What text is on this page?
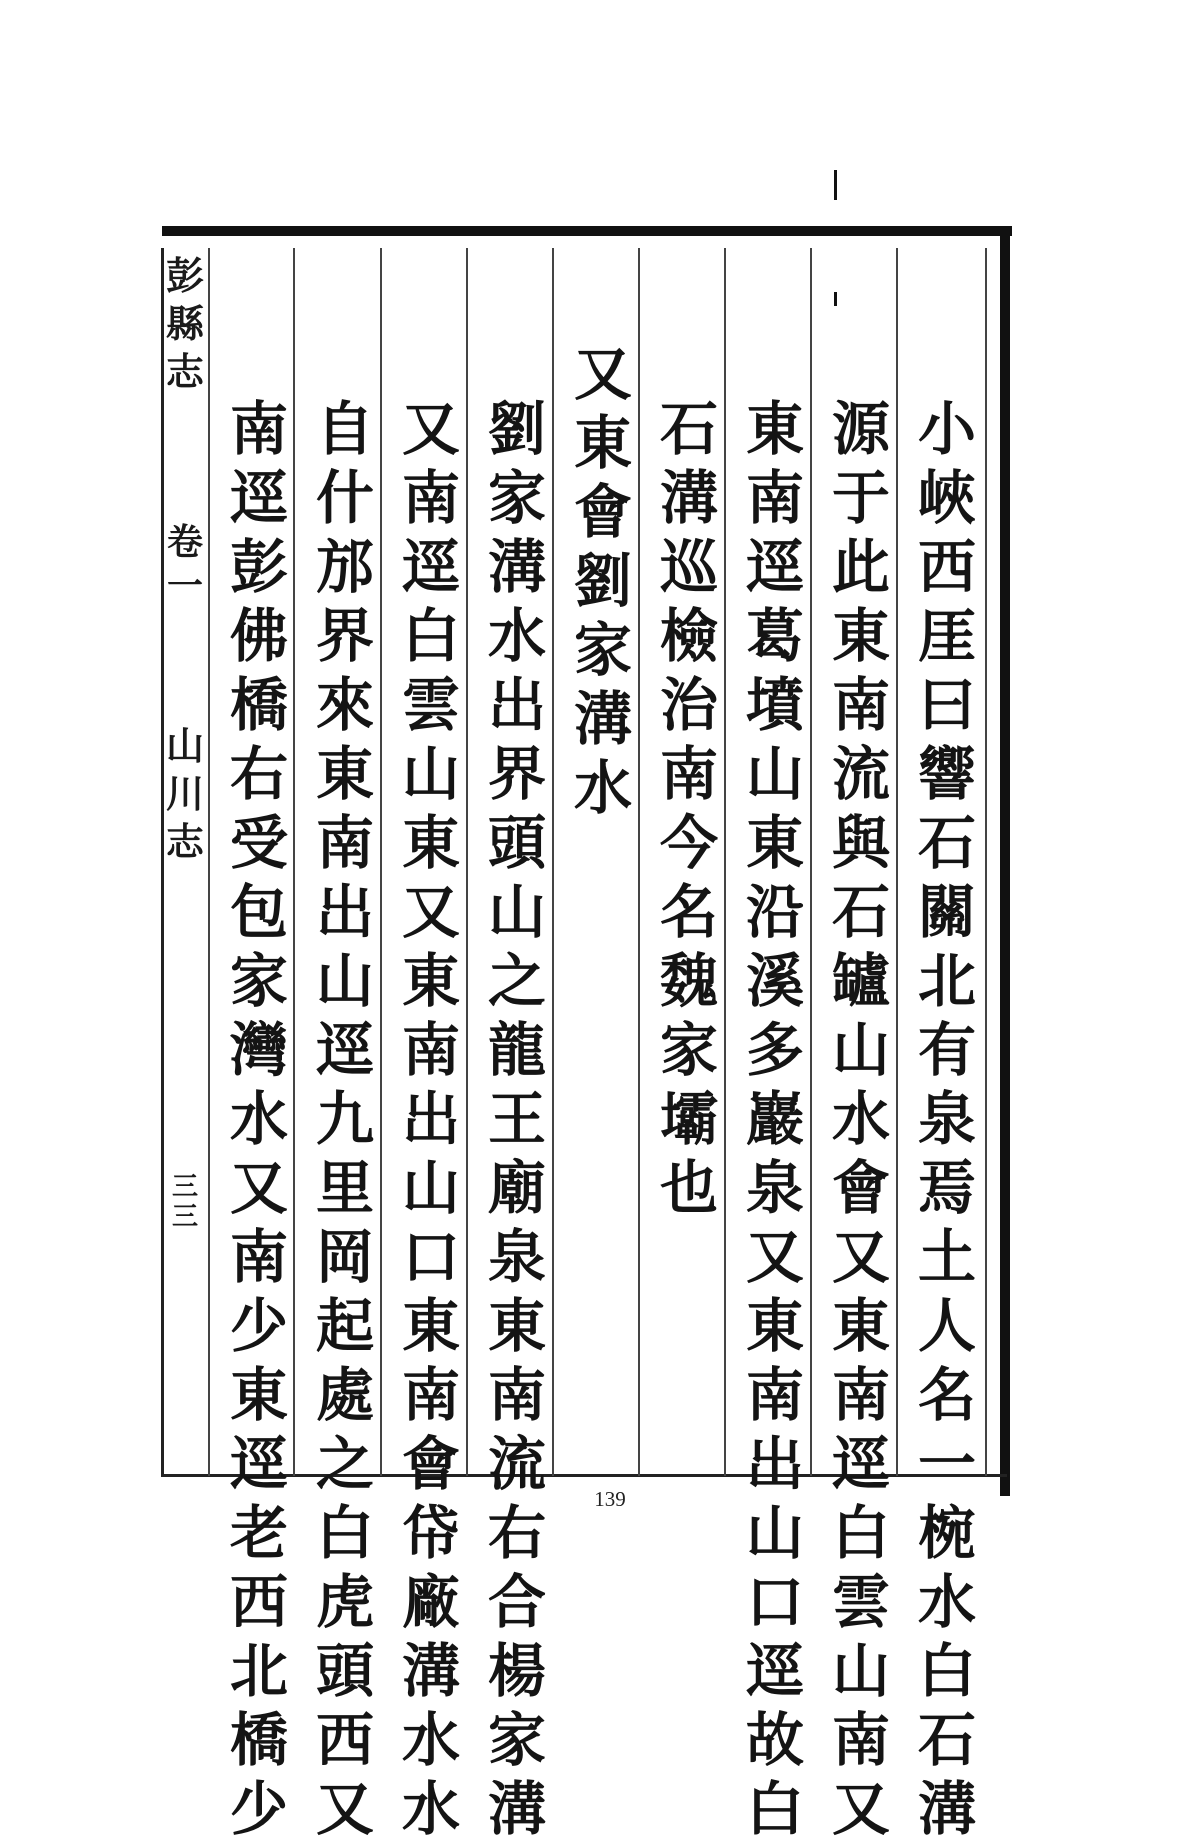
小峽西厓曰響石關北有泉焉土人名一椀水白石溝
源于此東南流與石罏山水會又東南逕白雲山南又
東南逕葛墳山東沿溪多巖泉又東南出山口逕故白
石溝巡檢治南今名魏家壩也
又東會劉家溝水
劉家溝水出界頭山之龍王廟泉東南流右合楊家溝
又南逕白雲山東又東南出山口東南會帒廠溝水水
自什邡界來東南出山逕九里岡起處之白虎頭西又
南逕彭佛橋右受包家灣水又南少東逕老西北橋少
彭縣志
卷一
山川志
三三
139
